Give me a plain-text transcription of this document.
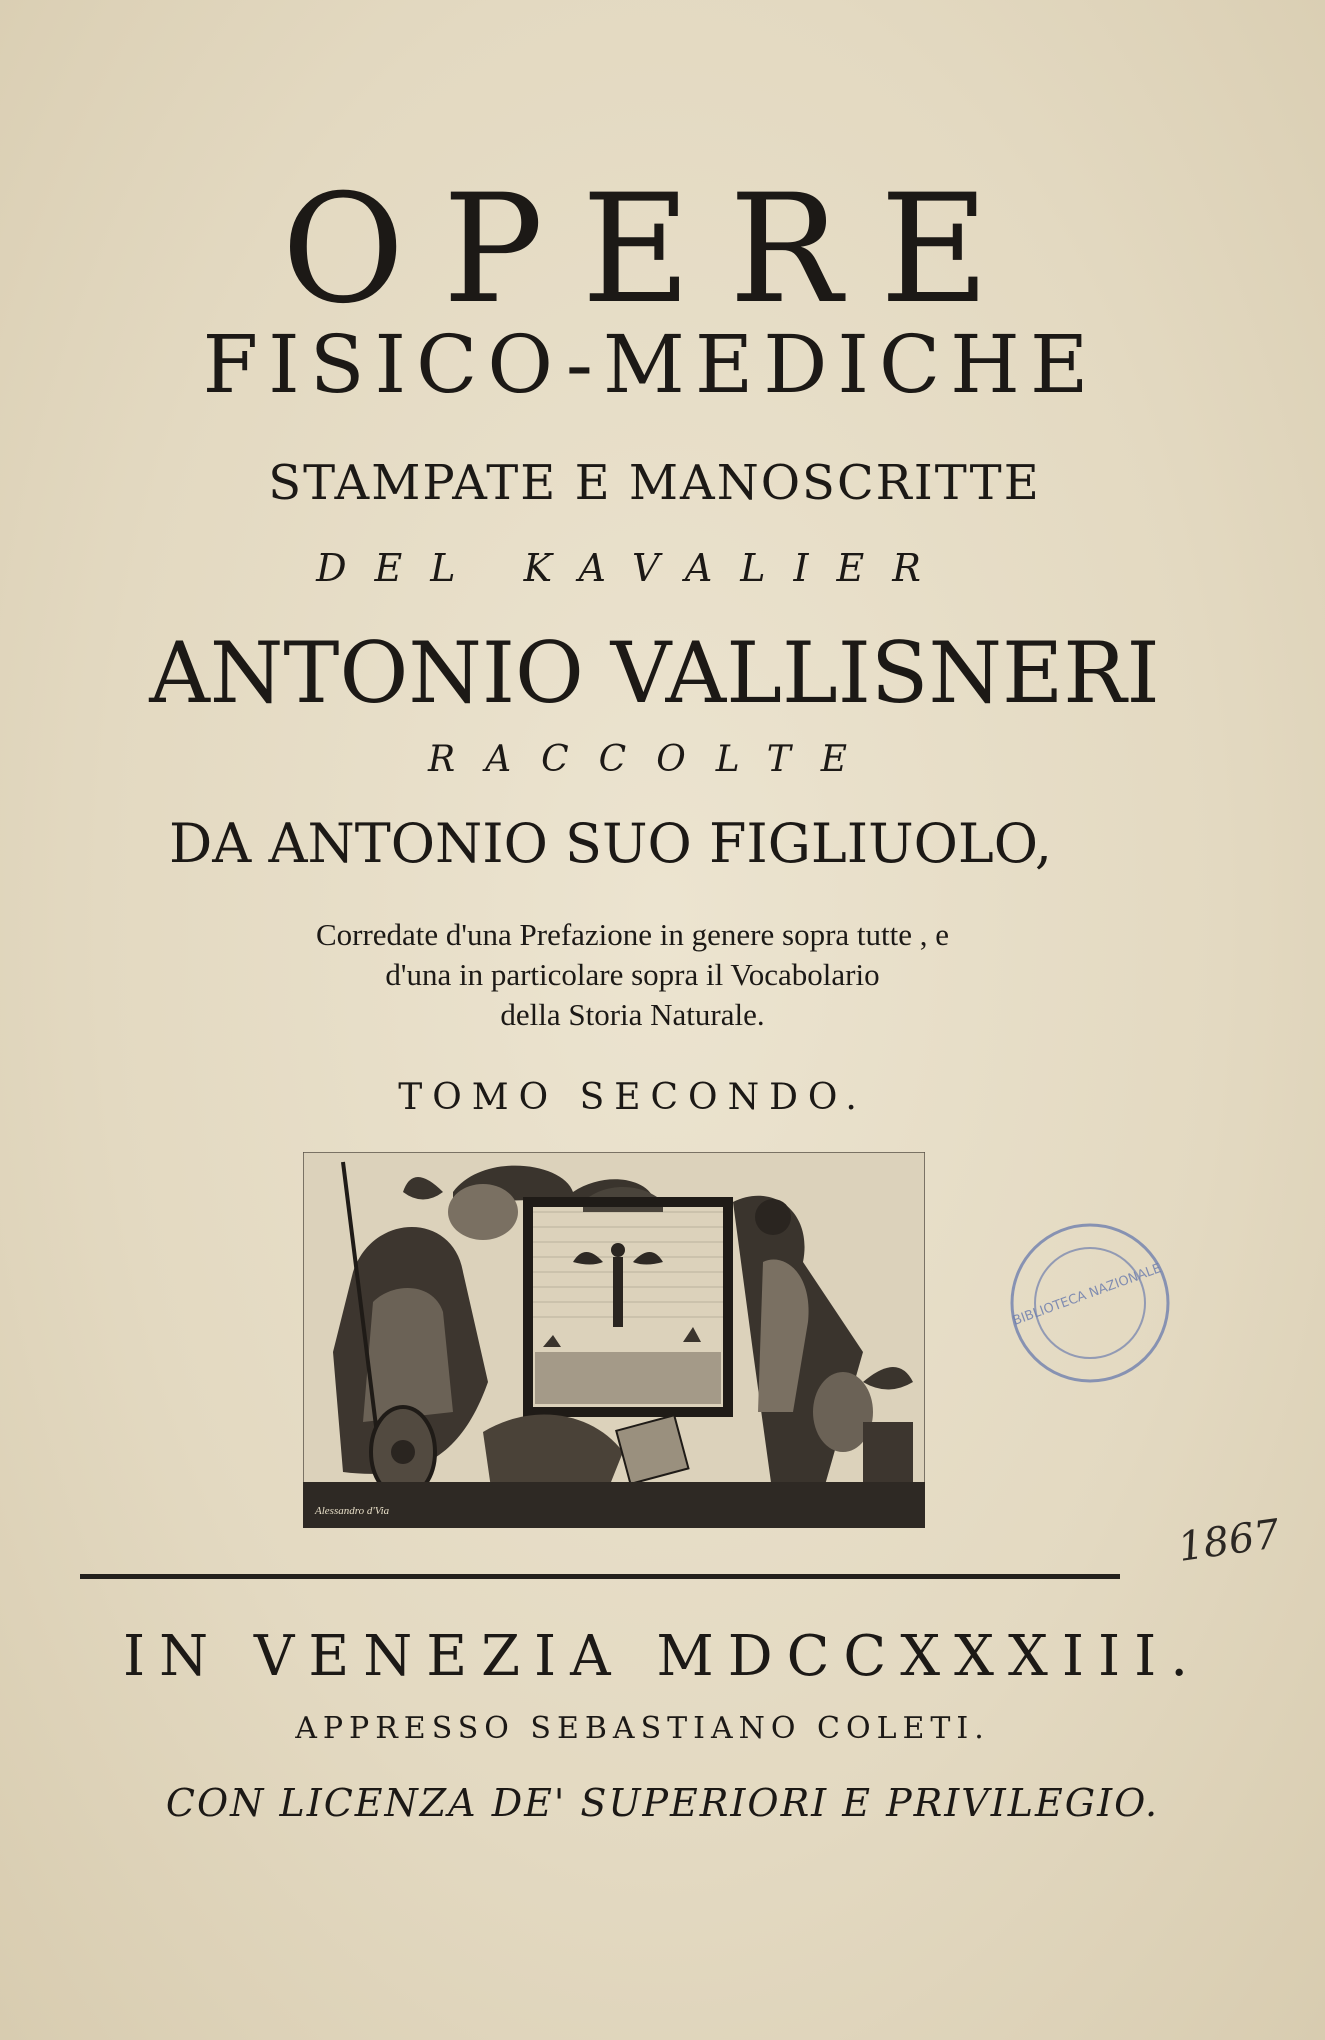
OPERE
FISICO-MEDICHE
STAMPATE E MANOSCRITTE
DEL KAVALIER
ANTONIO VALLISNERI
RACCOLTE
DA ANTONIO SUO FIGLIUOLO,
Corredate d'una Prefazione in genere sopra tutte , e
d'una in particolare sopra il Vocabolario
della Storia Naturale.
TOMO SECONDO.
Alessandro d'Via
IN VENEZIA MDCCXXXIII.
APPRESSO SEBASTIANO COLETI.
CON LICENZA DE' SUPERIORI E PRIVILEGIO.
BIBLIOTECA NAZIONALE
1867
